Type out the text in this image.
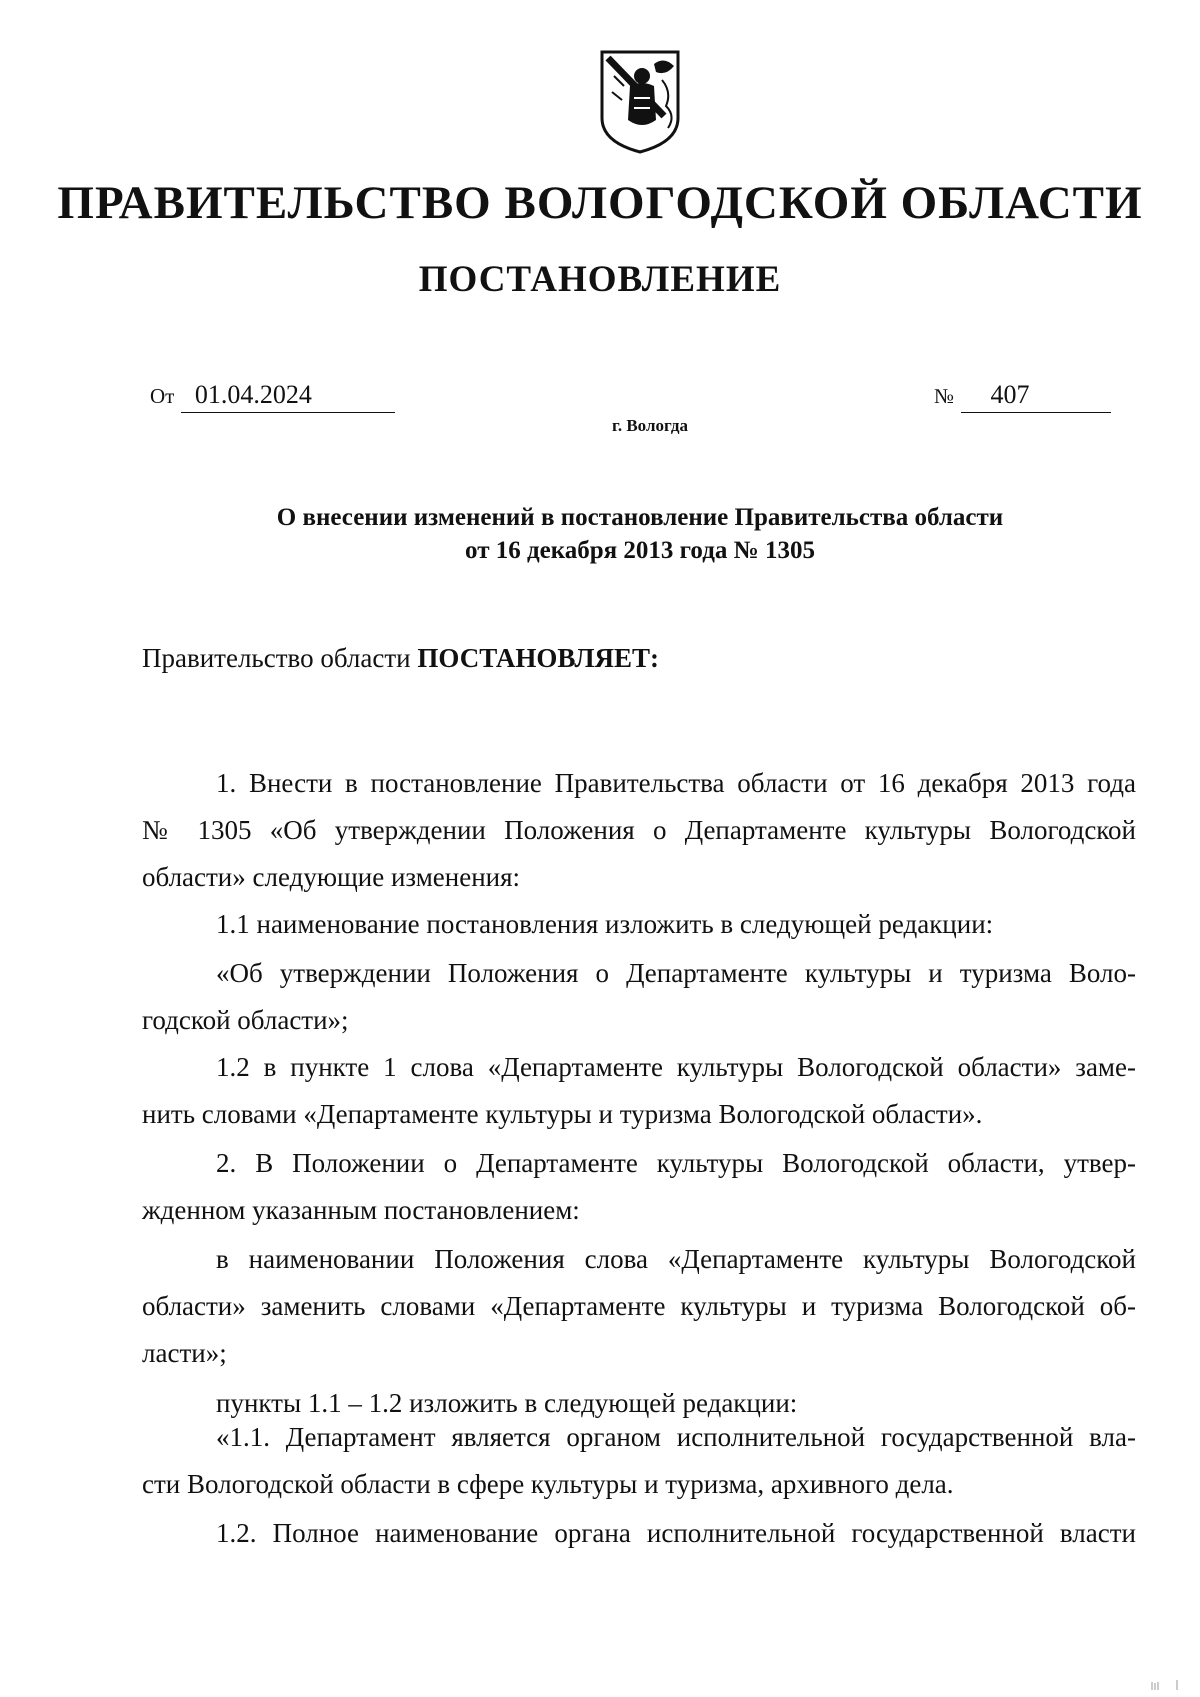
ПРАВИТЕЛЬСТВО ВОЛОГОДСКОЙ ОБЛАСТИ
ПОСТАНОВЛЕНИЕ
От 01.04.2024	№ 407
г. Вологда
О внесении изменений в постановление Правительства области
от 16 декабря 2013 года № 1305
Правительство области ПОСТАНОВЛЯЕТ:
1. Внести в постановление Правительства области от 16 декабря 2013 года
№ 1305 «Об утверждении Положения о Департаменте культуры Вологодской
области» следующие изменения:
1.1 наименование постановления изложить в следующей редакции:
«Об утверждении Положения о Департаменте культуры и туризма Воло-
годской области»;
1.2 в пункте 1 слова «Департаменте культуры Вологодской области» заме-
нить словами «Департаменте культуры и туризма Вологодской области».
2. В Положении о Департаменте культуры Вологодской области, утвер-
жденном указанным постановлением:
в наименовании Положения слова «Департаменте культуры Вологодской
области» заменить словами «Департаменте культуры и туризма Вологодской об-
ласти»;
пункты 1.1 – 1.2 изложить в следующей редакции:
«1.1. Департамент является органом исполнительной государственной вла-
сти Вологодской области в сфере культуры и туризма, архивного дела.
1.2. Полное наименование органа исполнительной государственной власти
